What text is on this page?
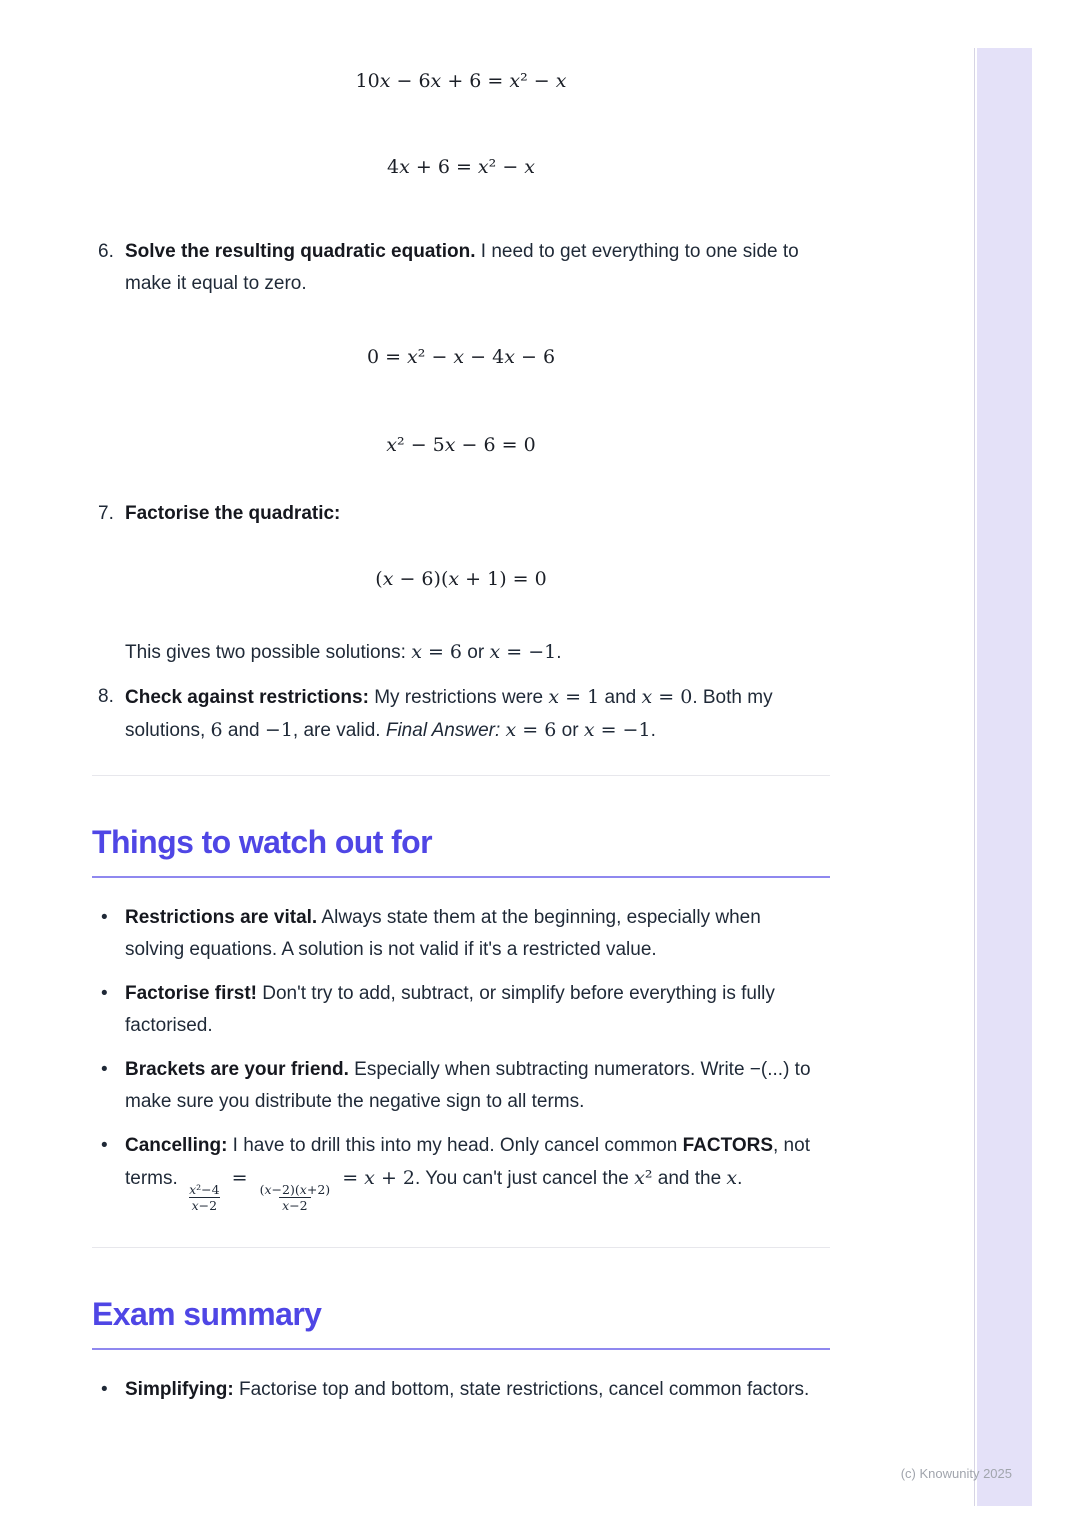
10x − 6x + 6 = x² − x
4x + 6 = x² − x
6. Solve the resulting quadratic equation. I need to get everything to one side to make it equal to zero.
0 = x² − x − 4x − 6
x² − 5x − 6 = 0
7. Factorise the quadratic:
(x − 6)(x + 1) = 0

This gives two possible solutions: x = 6 or x = −1.

8. Check against restrictions: My restrictions were x = 1 and x = 0. Both my solutions, 6 and −1, are valid. Final Answer: x = 6 or x = −1.
Things to watch out for
• Restrictions are vital. Always state them at the beginning, especially when solving equations. A solution is not valid if it's a restricted value.
• Factorise first! Don't try to add, subtract, or simplify before everything is fully factorised.
• Brackets are your friend. Especially when subtracting numerators. Write −(...) to make sure you distribute the negative sign to all terms.
• Cancelling: I have to drill this into my head. Only cancel common FACTORS, not terms.
$\frac{\text{x²−4}}{x-2}$
=
$\frac{(x-2)(x+2)}{x-2}$
= x + 2. You can't just cancel the x² and the x.
Exam summary
• Simplifying: Factorise top and bottom, state restrictions, cancel common factors.
(c) Knowunity 2025
